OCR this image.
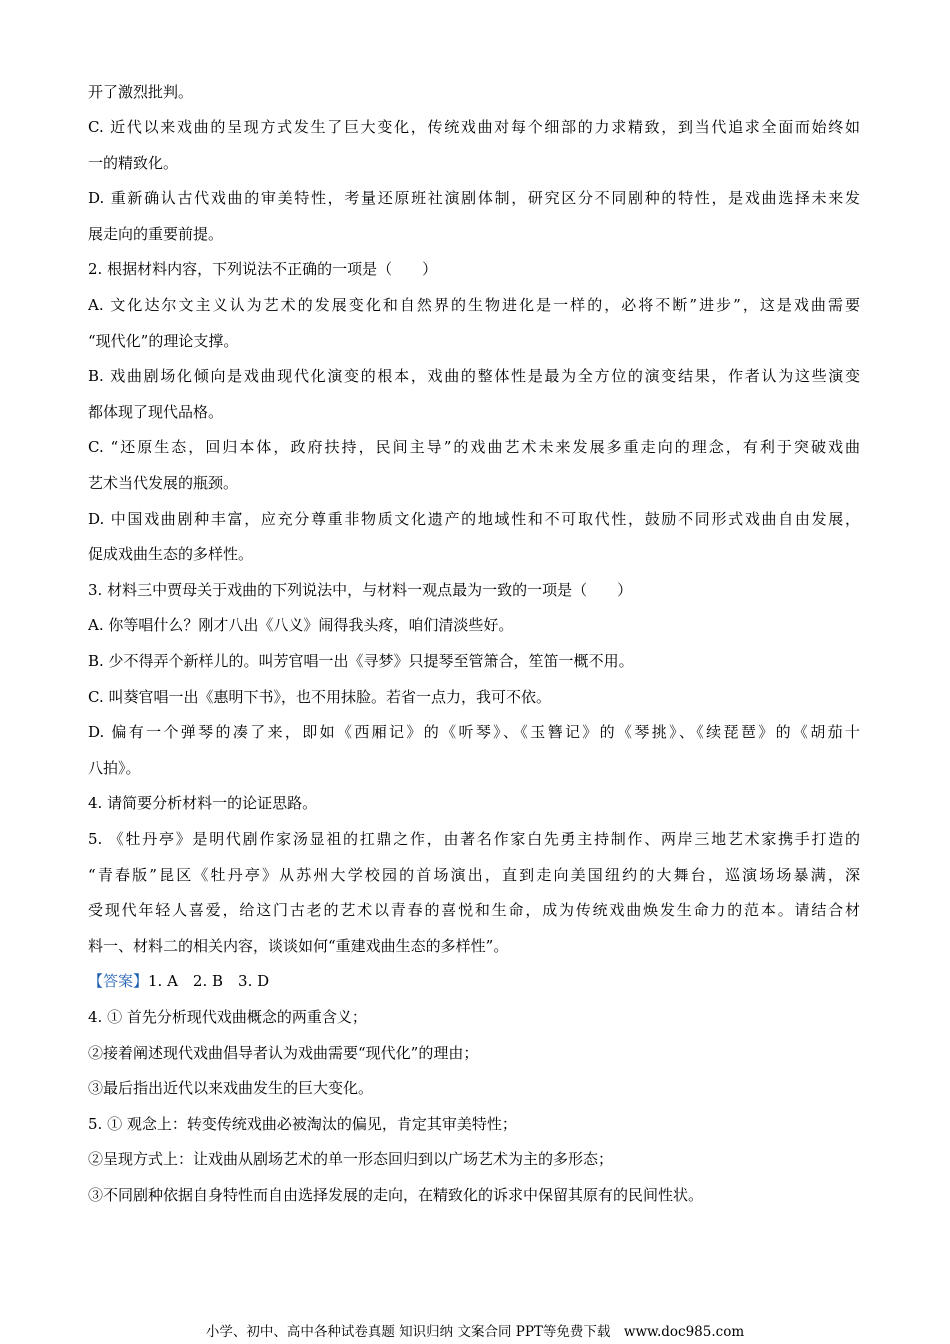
开了激烈批判。
C. 近代以来戏曲的呈现方式发生了巨大变化，传统戏曲对每个细部的力求精致，到当代追求全面而始终如
一的精致化。
D. 重新确认古代戏曲的审美特性，考量还原班社演剧体制，研究区分不同剧种的特性，是戏曲选择未来发
展走向的重要前提。
2. 根据材料内容，下列说法不正确的一项是（　　）
A. 文化达尔文主义认为艺术的发展变化和自然界的生物进化是一样的，必将不断”进步”，这是戏曲需要
“现代化”的理论支撑。
B. 戏曲剧场化倾向是戏曲现代化演变的根本，戏曲的整体性是最为全方位的演变结果，作者认为这些演变
都体现了现代品格。
C. “还原生态，回归本体，政府扶持，民间主导”的戏曲艺术未来发展多重走向的理念，有利于突破戏曲
艺术当代发展的瓶颈。
D. 中国戏曲剧种丰富，应充分尊重非物质文化遗产的地域性和不可取代性，鼓励不同形式戏曲自由发展，
促成戏曲生态的多样性。
3. 材料三中贾母关于戏曲的下列说法中，与材料一观点最为一致的一项是（　　）
A. 你等唱什么？刚才八出《八义》闹得我头疼，咱们清淡些好。
B. 少不得弄个新样儿的。叫芳官唱一出《寻梦》只提琴至管箫合，笙笛一概不用。
C. 叫葵官唱一出《惠明下书》，也不用抹脸。若省一点力，我可不依。
D. 偏有一个弹琴的凑了来，即如《西厢记》的《听琴》、《玉簪记》的《琴挑》、《续琵琶》的《胡茄十
八拍》。
4. 请简要分析材料一的论证思路。
5. 《牡丹亭》是明代剧作家汤显祖的扛鼎之作，由著名作家白先勇主持制作、两岸三地艺术家携手打造的
“青春版”昆区《牡丹亭》从苏州大学校园的首场演出，直到走向美国纽约的大舞台，巡演场场暴满，深
受现代年轻人喜爱，给这门古老的艺术以青春的喜悦和生命，成为传统戏曲焕发生命力的范本。请结合材
料一、材料二的相关内容，谈谈如何“重建戏曲生态的多样性”。
【答案】1. A　2. B　3. D
4. ① 首先分析现代戏曲概念的两重含义；
②接着阐述现代戏曲倡导者认为戏曲需要“现代化”的理由；
③最后指出近代以来戏曲发生的巨大变化。
5. ① 观念上：转变传统戏曲必被淘汰的偏见，肯定其审美特性；
②呈现方式上：让戏曲从剧场艺术的单一形态回归到以广场艺术为主的多形态；
③不同剧种依据自身特性而自由选择发展的走向，在精致化的诉求中保留其原有的民间性状。
小学、初中、高中各种试卷真题 知识归纳 文案合同 PPT等免费下载　www.doc985.com
